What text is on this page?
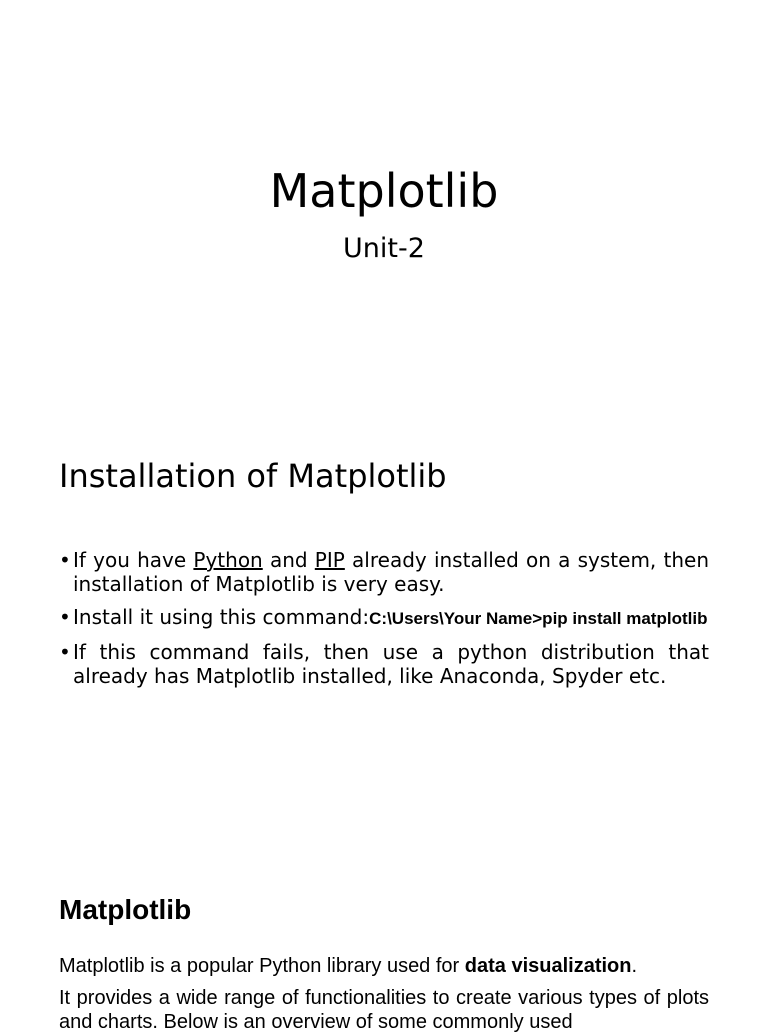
Matplotlib
Unit-2
Installation of Matplotlib
• If you have Python and PIP already installed on a system, then installation of Matplotlib is very easy.
• Install it using this command:C:\Users\Your Name>pip install matplotlib
• If this command fails, then use a python distribution that already has Matplotlib installed, like Anaconda, Spyder etc.
Matplotlib

Matplotlib is a popular Python library used for data visualization.

It provides a wide range of functionalities to create various types of plots and charts. Below is an overview of some commonly used
